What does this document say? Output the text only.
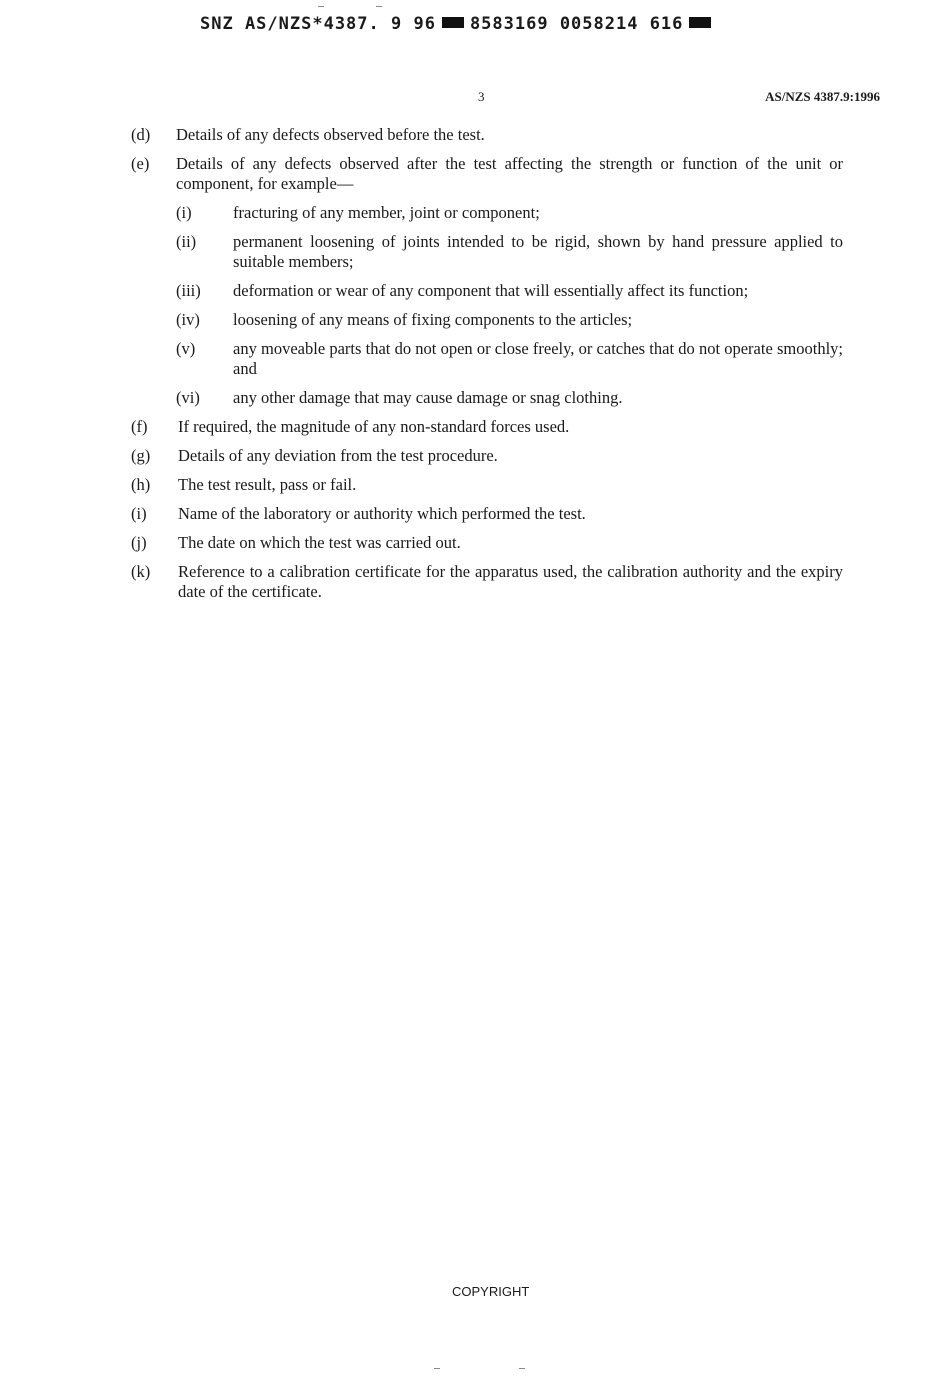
SNZ AS/NZS*4387. 9 96 8583169 0058214 616
3	AS/NZS 4387.9:1996
(d)	Details of any defects observed before the test.
(e)	Details of any defects observed after the test affecting the strength or function of the unit or component, for example—
(i)	fracturing of any member, joint or component;
(ii)	permanent loosening of joints intended to be rigid, shown by hand pressure applied to suitable members;
(iii)	deformation or wear of any component that will essentially affect its function;
(iv)	loosening of any means of fixing components to the articles;
(v)	any moveable parts that do not open or close freely, or catches that do not operate smoothly; and
(vi)	any other damage that may cause damage or snag clothing.
(f)	If required, the magnitude of any non-standard forces used.
(g)	Details of any deviation from the test procedure.
(h)	The test result, pass or fail.
(i)	Name of the laboratory or authority which performed the test.
(j)	The date on which the test was carried out.
(k)	Reference to a calibration certificate for the apparatus used, the calibration authority and the expiry date of the certificate.
COPYRIGHT
